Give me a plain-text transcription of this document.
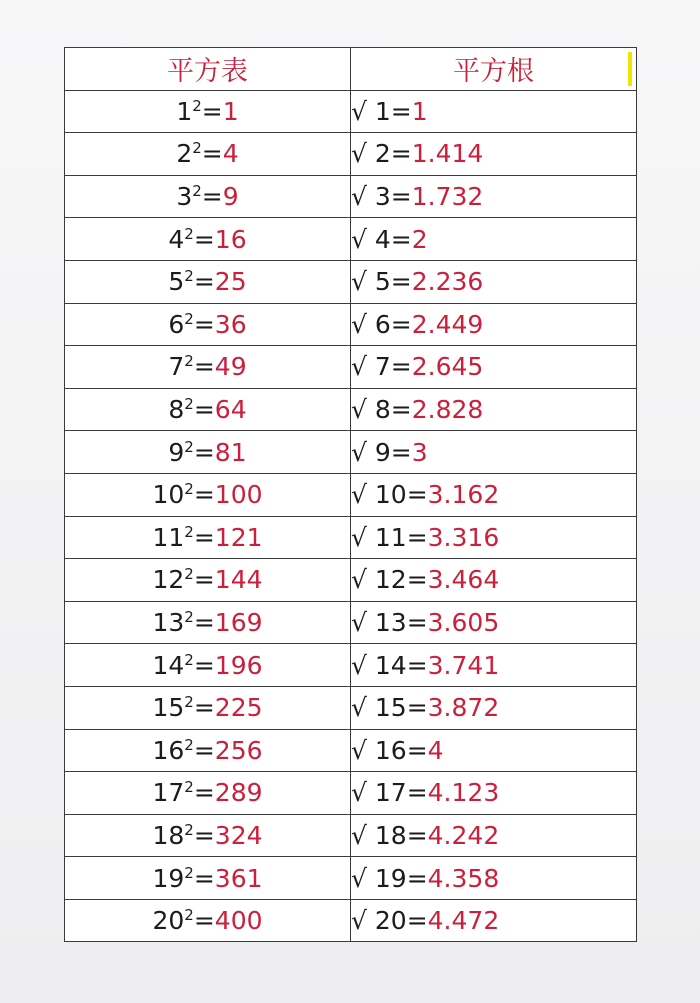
平方表	平方根

$1^2=1$	√ 1=1
$2^2=4$	√ 2=1.414
$3^2=9$	√ 3=1.732
$4^2=16$	√ 4=2
$5^2=25$	√ 5=2.236
$6^2=36$	√ 6=2.449
$7^2=49$	√ 7=2.645
$8^2=64$	√ 8=2.828
$9^2=81$	√ 9=3
$10^2=100$	√ 10=3.162
$11^2=121$	√ 11=3.316
$12^2=144$	√ 12=3.464
$13^2=169$	√ 13=3.605
$14^2=196$	√ 14=3.741
$15^2=225$	√ 15=3.872
$16^2=256$	√ 16=4
$17^2=289$	√ 17=4.123
$18^2=324$	√ 18=4.242
$19^2=361$	√ 19=4.358
$20^2=400$	√ 20=4.472
